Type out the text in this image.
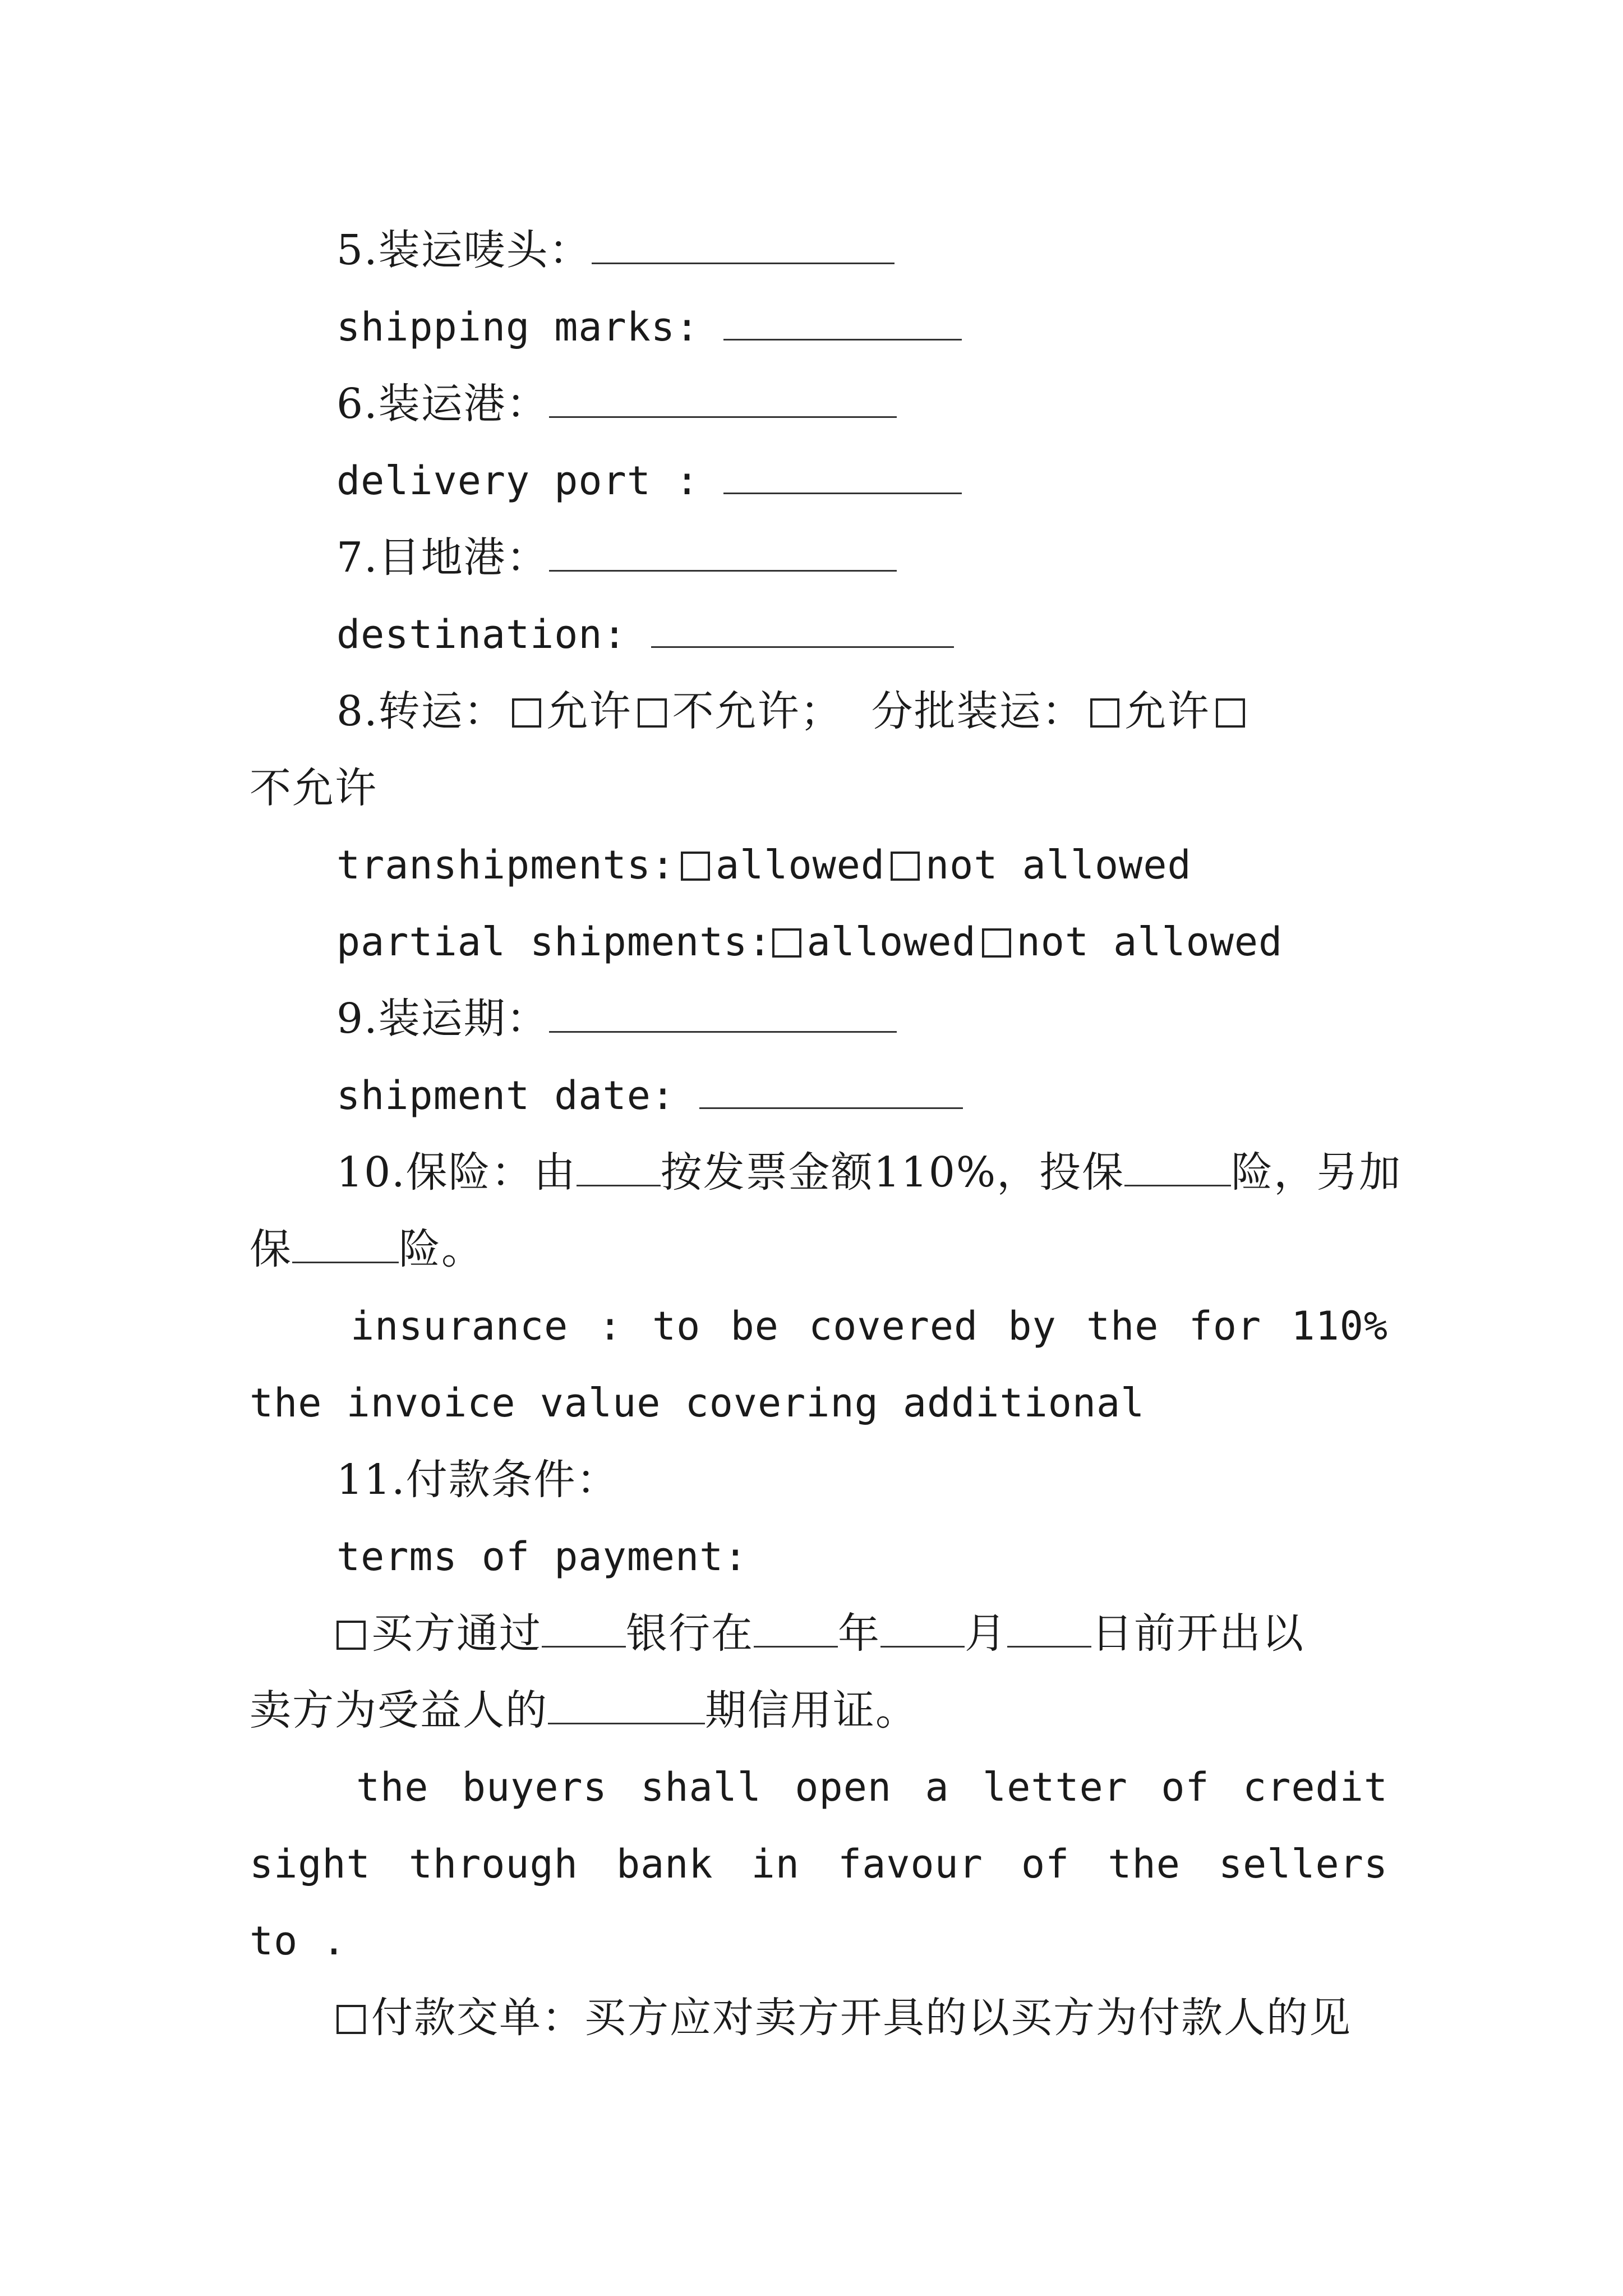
5.装运唛头：
shipping marks:
6.装运港：
delivery port :
7.目地港：
destination:
8.转运： 允许 不允许； 分批装运： 允许
不允许
transhipments: allowed not allowed
partial shipments: allowed not allowed
9.装运期：
shipment date:
10.保险：由 按发票金额110%，投保	险，另加
保	险。
insurance : to be covered by the for 110%
the invoice value covering additional
11.付款条件：
terms of payment:
买方通过 银行在 年 月 日前开出以
卖方为受益人的	期信用证。
the buyers shall open a letter of credit
sight through bank in favour of the sellers
to .
付款交单：买方应对卖方开具的以买方为付款人的见
